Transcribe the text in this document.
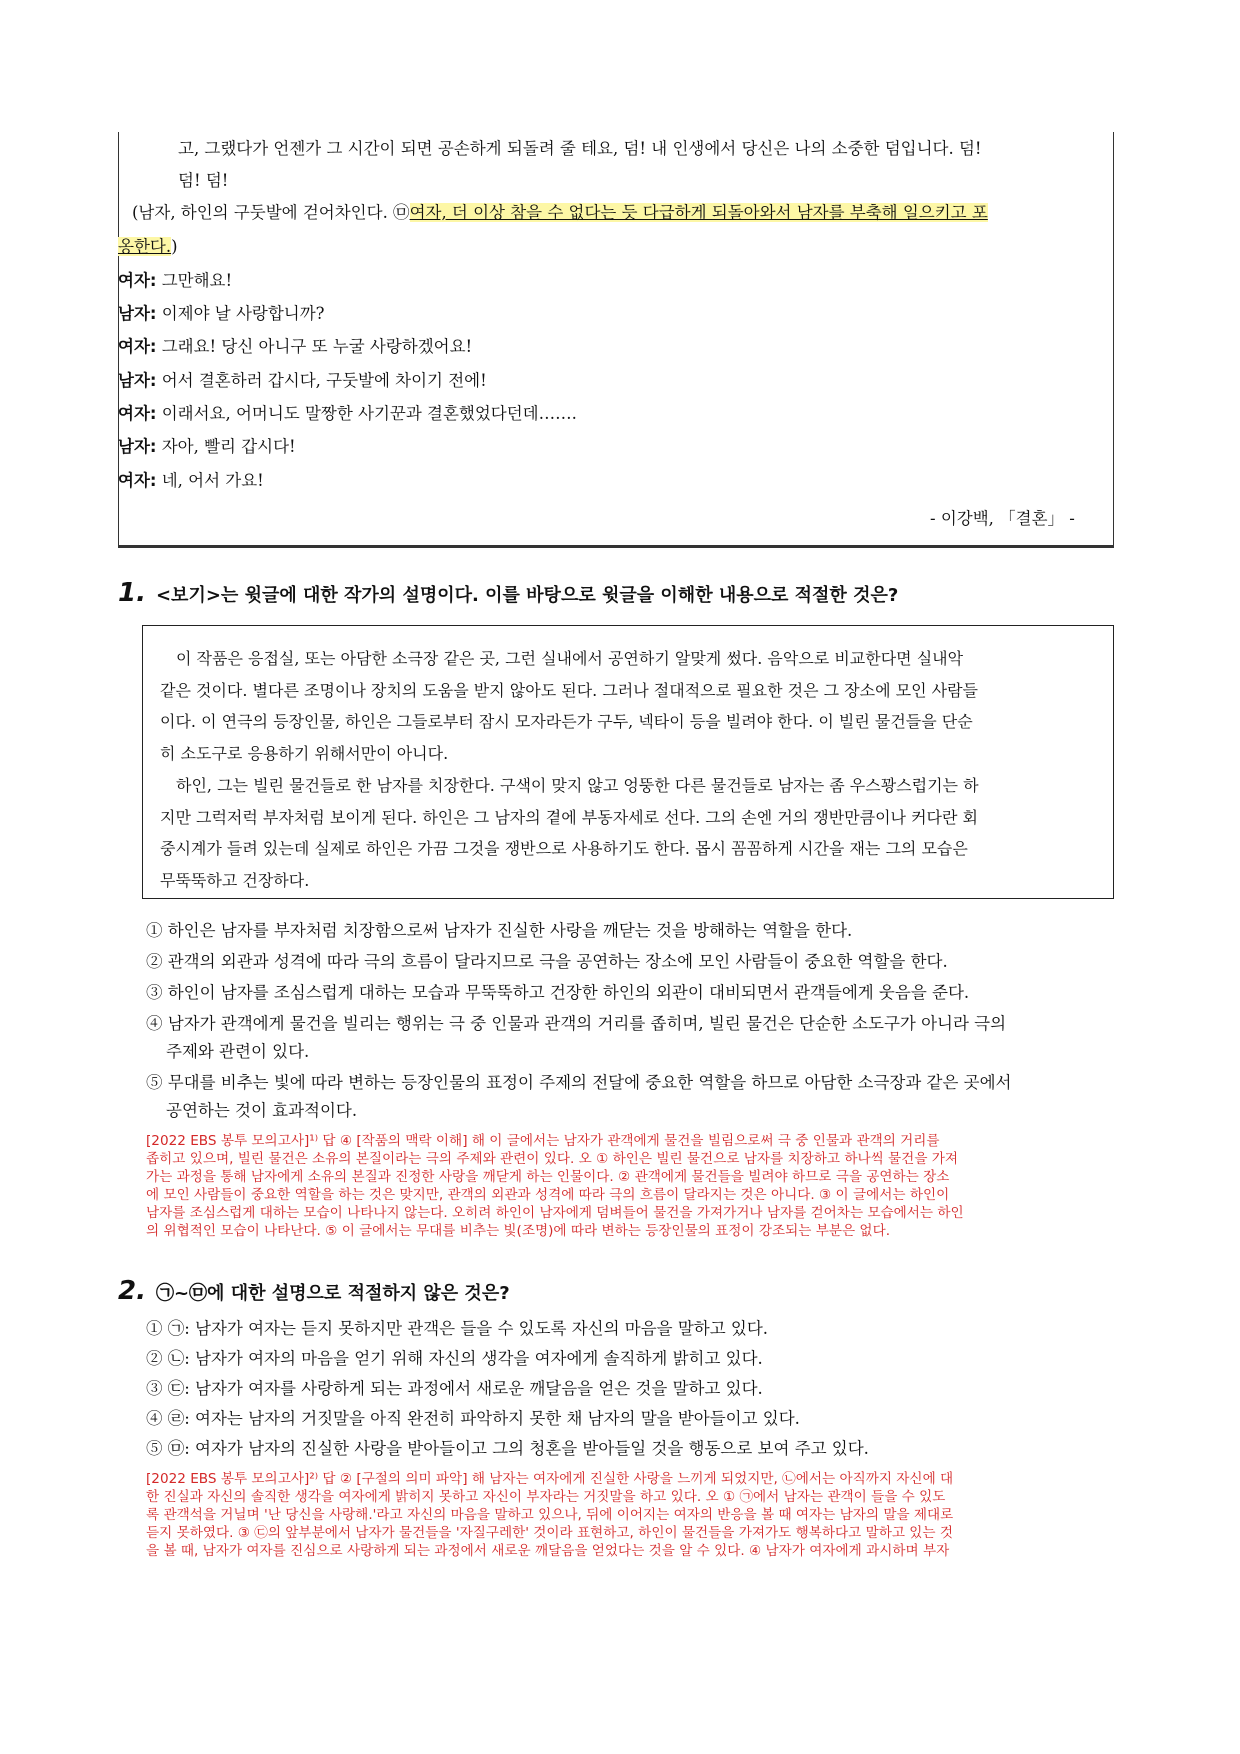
고, 그랬다가 언젠가 그 시간이 되면 공손하게 되돌려 줄 테요, 덤! 내 인생에서 당신은 나의 소중한 덤입니다. 덤!
덤! 덤!
(남자, 하인의 구둣발에 걷어차인다. ㉤여자, 더 이상 참을 수 없다는 듯 다급하게 되돌아와서 남자를 부축해 일으키고 포
옹한다.)
여자: 그만해요!
남자: 이제야 날 사랑합니까?
여자: 그래요! 당신 아니구 또 누굴 사랑하겠어요!
남자: 어서 결혼하러 갑시다, 구둣발에 차이기 전에!
여자: 이래서요, 어머니도 말짱한 사기꾼과 결혼했었다던데…….
남자: 자아, 빨리 갑시다!
여자: 네, 어서 가요!
- 이강백, 「결혼」 -
1. <보기>는 윗글에 대한 작가의 설명이다. 이를 바탕으로 윗글을 이해한 내용으로 적절한 것은?
이 작품은 응접실, 또는 아담한 소극장 같은 곳, 그런 실내에서 공연하기 알맞게 썼다. 음악으로 비교한다면 실내악
같은 것이다. 별다른 조명이나 장치의 도움을 받지 않아도 된다. 그러나 절대적으로 필요한 것은 그 장소에 모인 사람들
이다. 이 연극의 등장인물, 하인은 그들로부터 잠시 모자라든가 구두, 넥타이 등을 빌려야 한다. 이 빌린 물건들을 단순
히 소도구로 응용하기 위해서만이 아니다.
하인, 그는 빌린 물건들로 한 남자를 치장한다. 구색이 맞지 않고 엉뚱한 다른 물건들로 남자는 좀 우스꽝스럽기는 하
지만 그럭저럭 부자처럼 보이게 된다. 하인은 그 남자의 곁에 부동자세로 선다. 그의 손엔 거의 쟁반만큼이나 커다란 회
중시계가 들려 있는데 실제로 하인은 가끔 그것을 쟁반으로 사용하기도 한다. 몹시 꼼꼼하게 시간을 재는 그의 모습은
무뚝뚝하고 건장하다.
① 하인은 남자를 부자처럼 치장함으로써 남자가 진실한 사랑을 깨닫는 것을 방해하는 역할을 한다.
② 관객의 외관과 성격에 따라 극의 흐름이 달라지므로 극을 공연하는 장소에 모인 사람들이 중요한 역할을 한다.
③ 하인이 남자를 조심스럽게 대하는 모습과 무뚝뚝하고 건장한 하인의 외관이 대비되면서 관객들에게 웃음을 준다.
④ 남자가 관객에게 물건을 빌리는 행위는 극 중 인물과 관객의 거리를 좁히며, 빌린 물건은 단순한 소도구가 아니라 극의
주제와 관련이 있다.
⑤ 무대를 비추는 빛에 따라 변하는 등장인물의 표정이 주제의 전달에 중요한 역할을 하므로 아담한 소극장과 같은 곳에서
공연하는 것이 효과적이다.
[2022 EBS 봉투 모의고사]¹⁾ 답 ④ [작품의 맥락 이해] 해 이 글에서는 남자가 관객에게 물건을 빌림으로써 극 중 인물과 관객의 거리를
좁히고 있으며, 빌린 물건은 소유의 본질이라는 극의 주제와 관련이 있다. 오 ① 하인은 빌린 물건으로 남자를 치장하고 하나씩 물건을 가져
가는 과정을 통해 남자에게 소유의 본질과 진정한 사랑을 깨닫게 하는 인물이다. ② 관객에게 물건들을 빌려야 하므로 극을 공연하는 장소
에 모인 사람들이 중요한 역할을 하는 것은 맞지만, 관객의 외관과 성격에 따라 극의 흐름이 달라지는 것은 아니다. ③ 이 글에서는 하인이
남자를 조심스럽게 대하는 모습이 나타나지 않는다. 오히려 하인이 남자에게 덤벼들어 물건을 가져가거나 남자를 걷어차는 모습에서는 하인
의 위협적인 모습이 나타난다. ⑤ 이 글에서는 무대를 비추는 빛(조명)에 따라 변하는 등장인물의 표정이 강조되는 부분은 없다.
2. ㉠~㉤에 대한 설명으로 적절하지 않은 것은?
① ㉠: 남자가 여자는 듣지 못하지만 관객은 들을 수 있도록 자신의 마음을 말하고 있다.
② ㉡: 남자가 여자의 마음을 얻기 위해 자신의 생각을 여자에게 솔직하게 밝히고 있다.
③ ㉢: 남자가 여자를 사랑하게 되는 과정에서 새로운 깨달음을 얻은 것을 말하고 있다.
④ ㉣: 여자는 남자의 거짓말을 아직 완전히 파악하지 못한 채 남자의 말을 받아들이고 있다.
⑤ ㉤: 여자가 남자의 진실한 사랑을 받아들이고 그의 청혼을 받아들일 것을 행동으로 보여 주고 있다.
[2022 EBS 봉투 모의고사]²⁾ 답 ② [구절의 의미 파악] 해 남자는 여자에게 진실한 사랑을 느끼게 되었지만, ㉡에서는 아직까지 자신에 대
한 진실과 자신의 솔직한 생각을 여자에게 밝히지 못하고 자신이 부자라는 거짓말을 하고 있다. 오 ① ㉠에서 남자는 관객이 들을 수 있도
록 관객석을 거닐며 '난 당신을 사랑해.'라고 자신의 마음을 말하고 있으나, 뒤에 이어지는 여자의 반응을 볼 때 여자는 남자의 말을 제대로
듣지 못하였다. ③ ㉢의 앞부분에서 남자가 물건들을 '자질구레한' 것이라 표현하고, 하인이 물건들을 가져가도 행복하다고 말하고 있는 것
을 볼 때, 남자가 여자를 진심으로 사랑하게 되는 과정에서 새로운 깨달음을 얻었다는 것을 알 수 있다. ④ 남자가 여자에게 과시하며 부자
